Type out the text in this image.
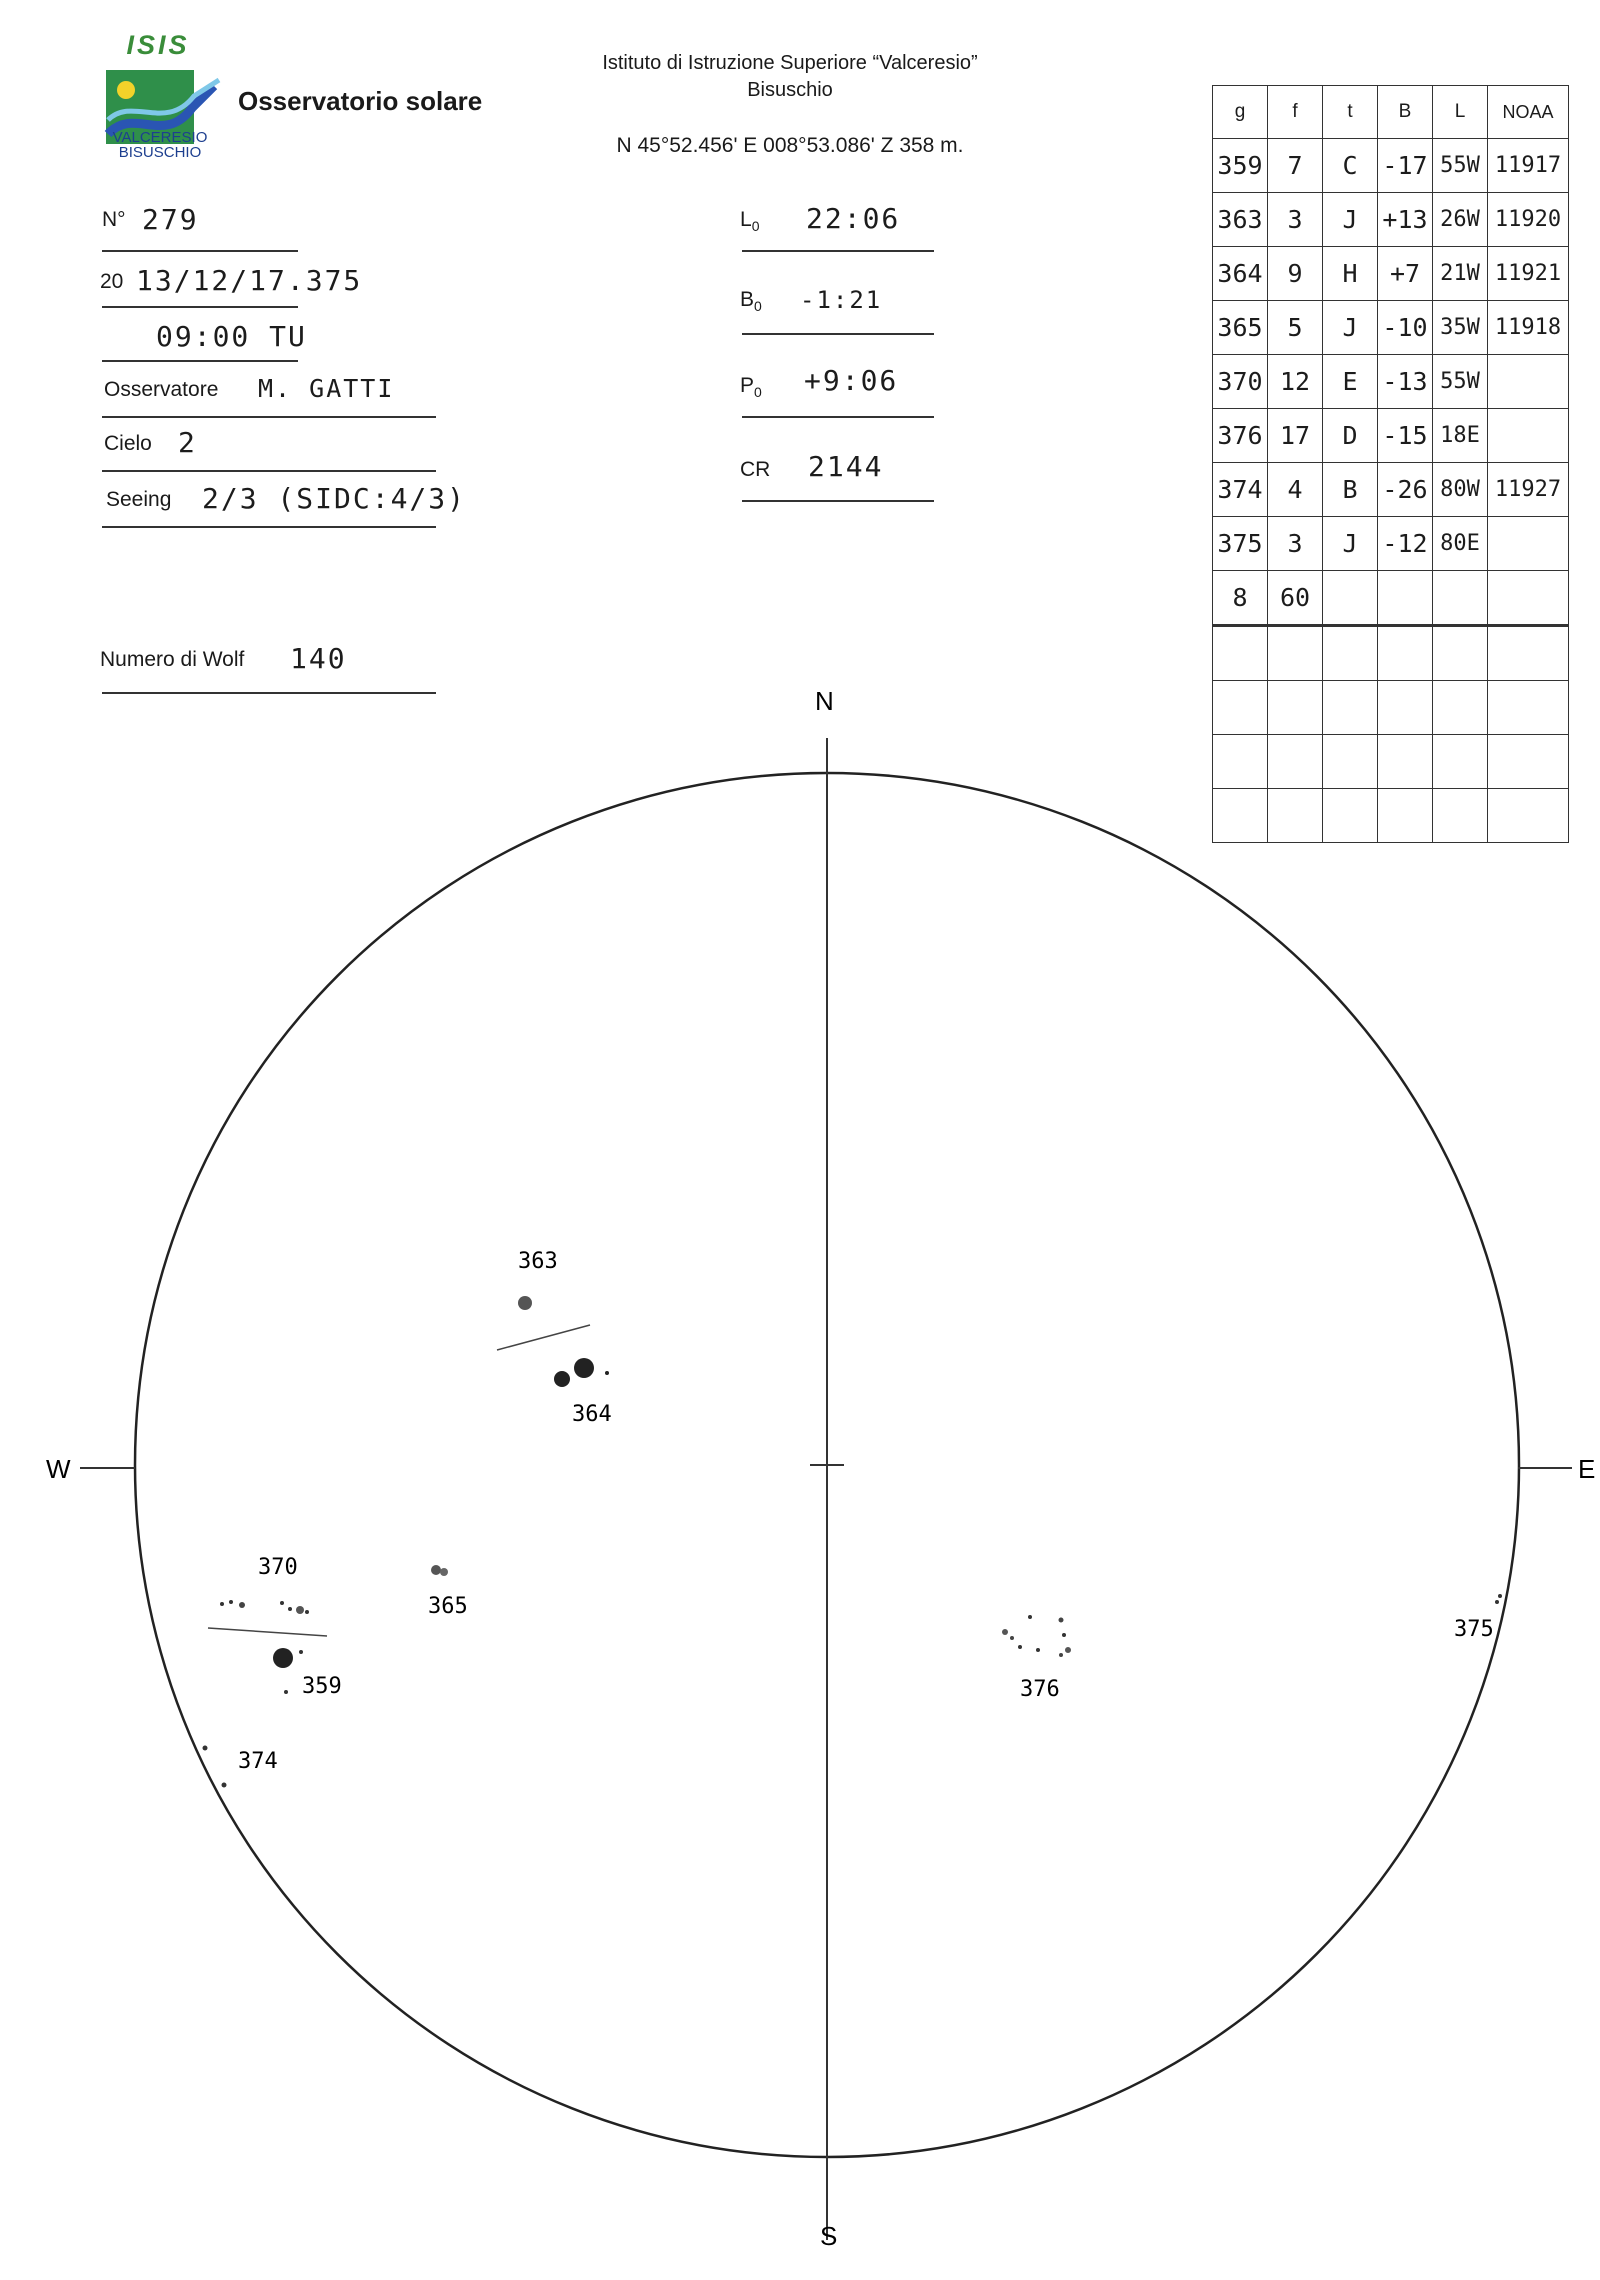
ISIS
VALCERESIO
BISUSCHIO
Osservatorio solare
Istituto di Istruzione Superiore “Valceresio”
Bisuschio
N 45°52.456' E 008°53.086' Z 358 m.
N° 279
20 13/12/17.375
09:00 TU
Osservatore M. GATTI
Cielo 2
Seeing 2/3 (SIDC:4/3)
Numero di Wolf 140
$L_0$ 22:06
$B_0$ -1:21
$P_0$ +9:06
CR 2144
g	f	t	B	L	NOAA
359	7	C	-17	55W	11917
363	3	J	+13	26W	11920
364	9	H	+7	21W	11921
365	5	J	-10	35W	11918
370	12	E	-13	55W	
376	17	D	-15	18E	
374	4	B	-26	80W	11927
375	3	J	-12	80E	
8	60				

N
S
W	E
363
364
370
359
365
374
376
375
